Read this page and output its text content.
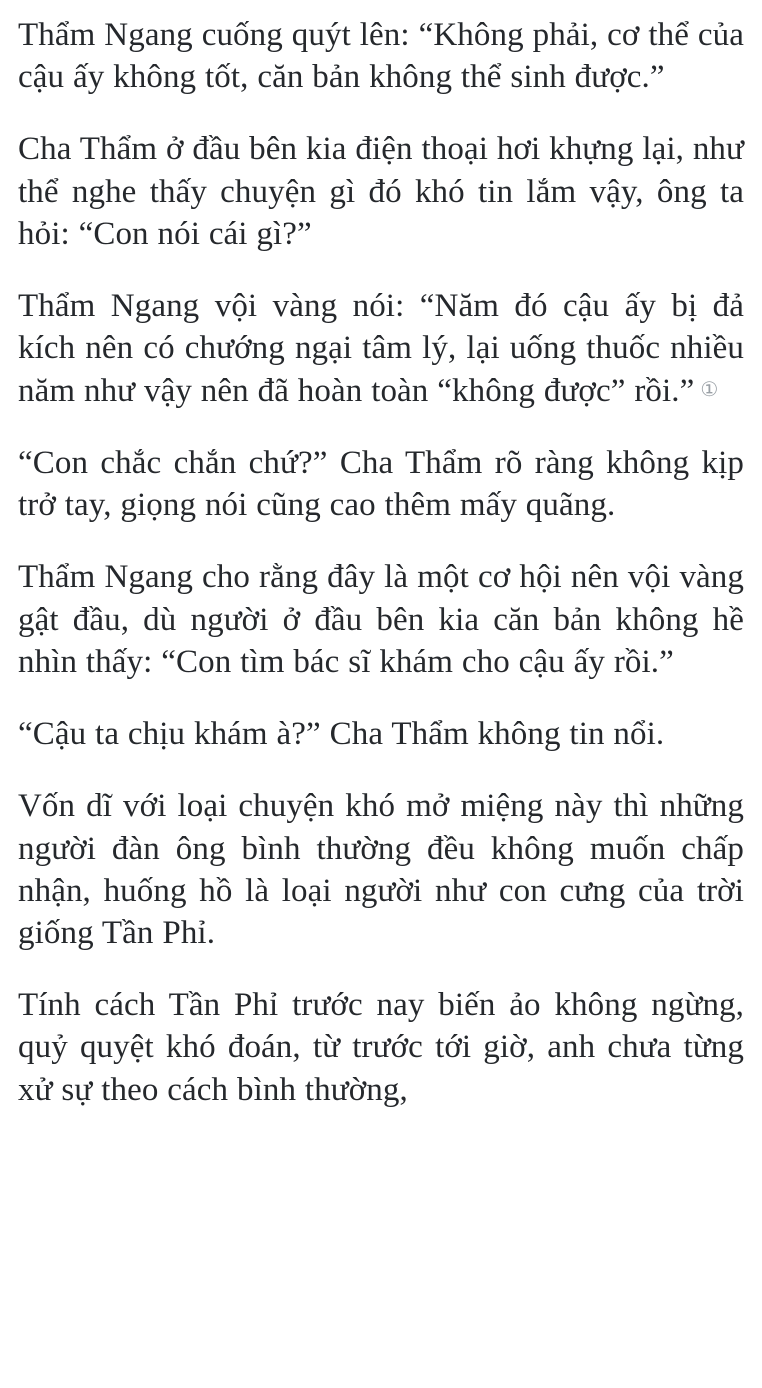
Thẩm Ngang cuống quýt lên: “Không phải, cơ thể của cậu ấy không tốt, căn bản không thể sinh được.”

Cha Thẩm ở đầu bên kia điện thoại hơi khựng lại, như thể nghe thấy chuyện gì đó khó tin lắm vậy, ông ta hỏi: “Con nói cái gì?”

Thẩm Ngang vội vàng nói: “Năm đó cậu ấy bị đả kích nên có chướng ngại tâm lý, lại uống thuốc nhiều năm như vậy nên đã hoàn toàn “không được” rồi.” ①

“Con chắc chắn chứ?” Cha Thẩm rõ ràng không kịp trở tay, giọng nói cũng cao thêm mấy quãng.

Thẩm Ngang cho rằng đây là một cơ hội nên vội vàng gật đầu, dù người ở đầu bên kia căn bản không hề nhìn thấy: “Con tìm bác sĩ khám cho cậu ấy rồi.”

“Cậu ta chịu khám à?” Cha Thẩm không tin nổi.

Vốn dĩ với loại chuyện khó mở miệng này thì những người đàn ông bình thường đều không muốn chấp nhận, huống hồ là loại người như con cưng của trời giống Tần Phỉ.

Tính cách Tần Phỉ trước nay biến ảo không ngừng, quỷ quyệt khó đoán, từ trước tới giờ, anh chưa từng xử sự theo cách bình thường,
